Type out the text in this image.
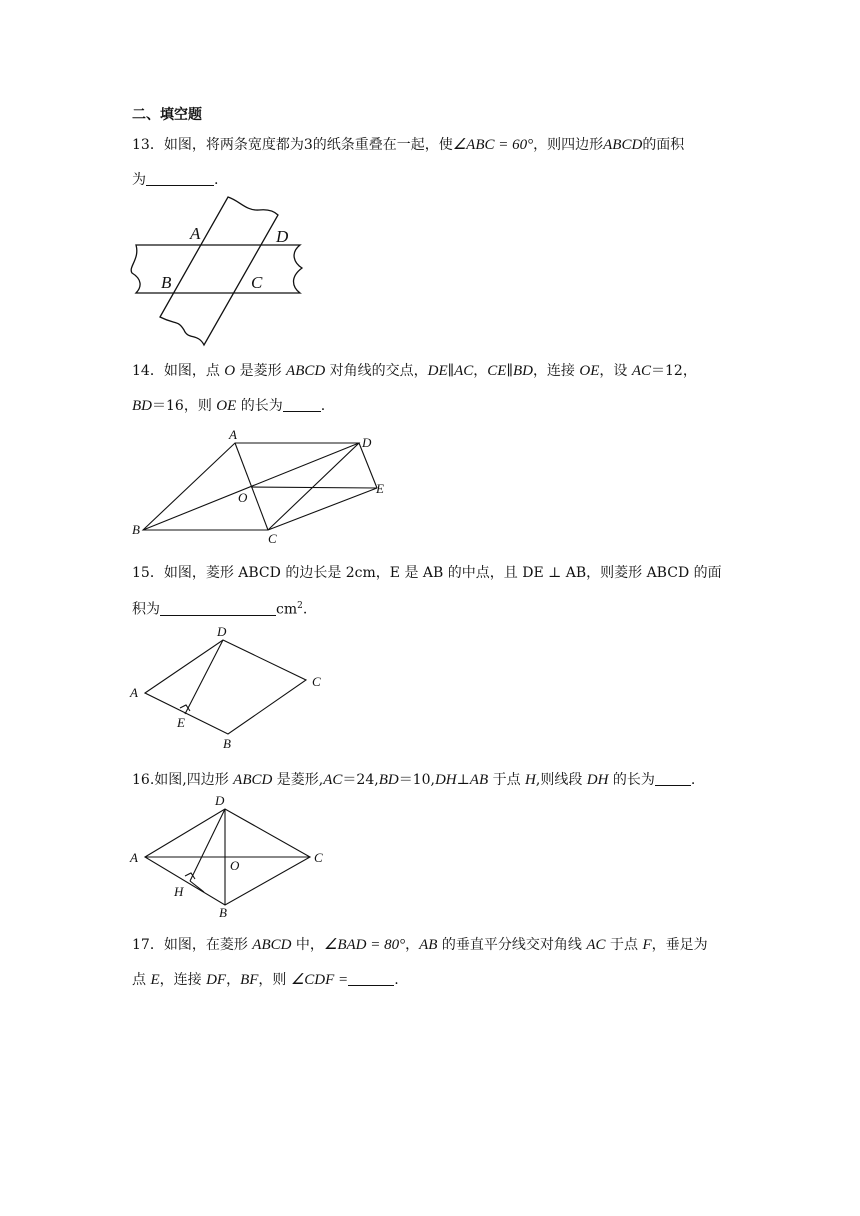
二、填空题
13．如图，将两条宽度都为3的纸条重叠在一起，使∠ABC = 60°，则四边形ABCD的面积
为	.
A	D
B	C
14．如图，点 O 是菱形 ABCD 对角线的交点，DE∥AC，CE∥BD，连接 OE，设 AC＝12，
BD＝16，则 OE 的长为	.
A
D
E
O
B
C
15．如图，菱形 ABCD 的边长是 2cm，E 是 AB 的中点，且 DE ⊥ AB，则菱形 ABCD 的面
积为	$cm^2$.
D
C
A
E
B
16.如图,四边形 ABCD 是菱形,AC＝24,BD＝10,DH⊥AB 于点 H,则线段 DH 的长为	.
D
A
O
C
H
B
17．如图，在菱形 ABCD 中，∠BAD = 80°，AB 的垂直平分线交对角线 AC 于点 F，垂足为
点 E，连接 DF，BF，则 ∠CDF =	.
